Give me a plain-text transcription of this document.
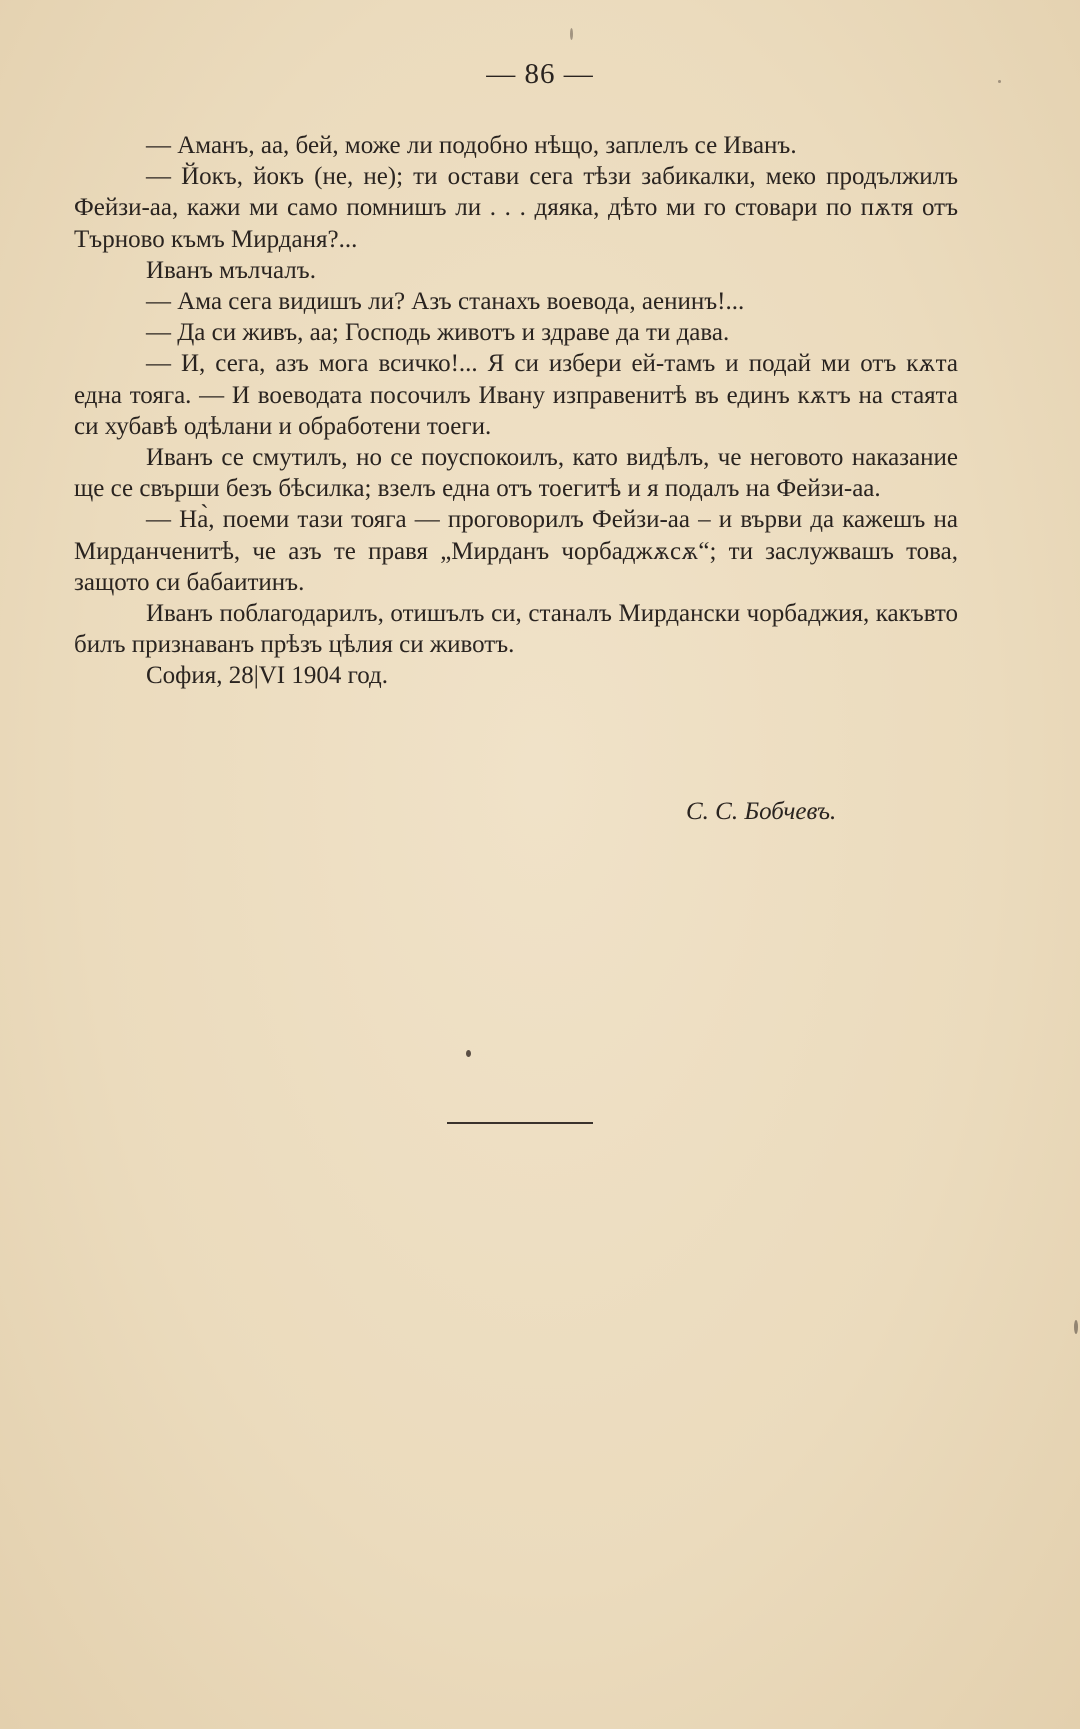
— 86 —

— Аманъ, аа, бей, може ли подобно нѣщо, заплелъ се Иванъ.

— Йокъ, йокъ (не, не); ти остави сега тѣзи забикалки, меко продължилъ Фейзи-аа, кажи ми само помнишъ ли . . . дяяка, дѣто ми го стовари по пѫтя отъ Търново къмъ Мирданя?...

Иванъ мълчалъ.

— Ама сега видишъ ли? Азъ станахъ воевода, аенинъ!...

— Да си живъ, аа; Господь животъ и здраве да ти дава.

— И, сега, азъ мога всичко!... Я си избери ей-тамъ и подай ми отъ кѫта една тояга. — И воеводата посочилъ Ивану изправенитѣ въ единъ кѫтъ на стаята си хубавѣ одѣлани и обработени тоеги.

Иванъ се смутилъ, но се поуспокоилъ, като видѣлъ, че неговото наказание ще се свърши безъ бѣсилка; взелъ една отъ тоегитѣ и я подалъ на Фейзи-аа.

— На̀, поеми тази тояга — проговорилъ Фейзи-аа – и върви да кажешъ на Мирданченитѣ, че азъ те правя „Мирданъ чорбаджѫсѫ“; ти заслужвашъ това, защото си бабаитинъ.

Иванъ поблагодарилъ, отишълъ си, станалъ Мирдански чорбаджия, какъвто билъ признаванъ прѣзъ цѣлия си животъ.

София, 28|VI 1904 год.

С. С. Бобчевъ.
